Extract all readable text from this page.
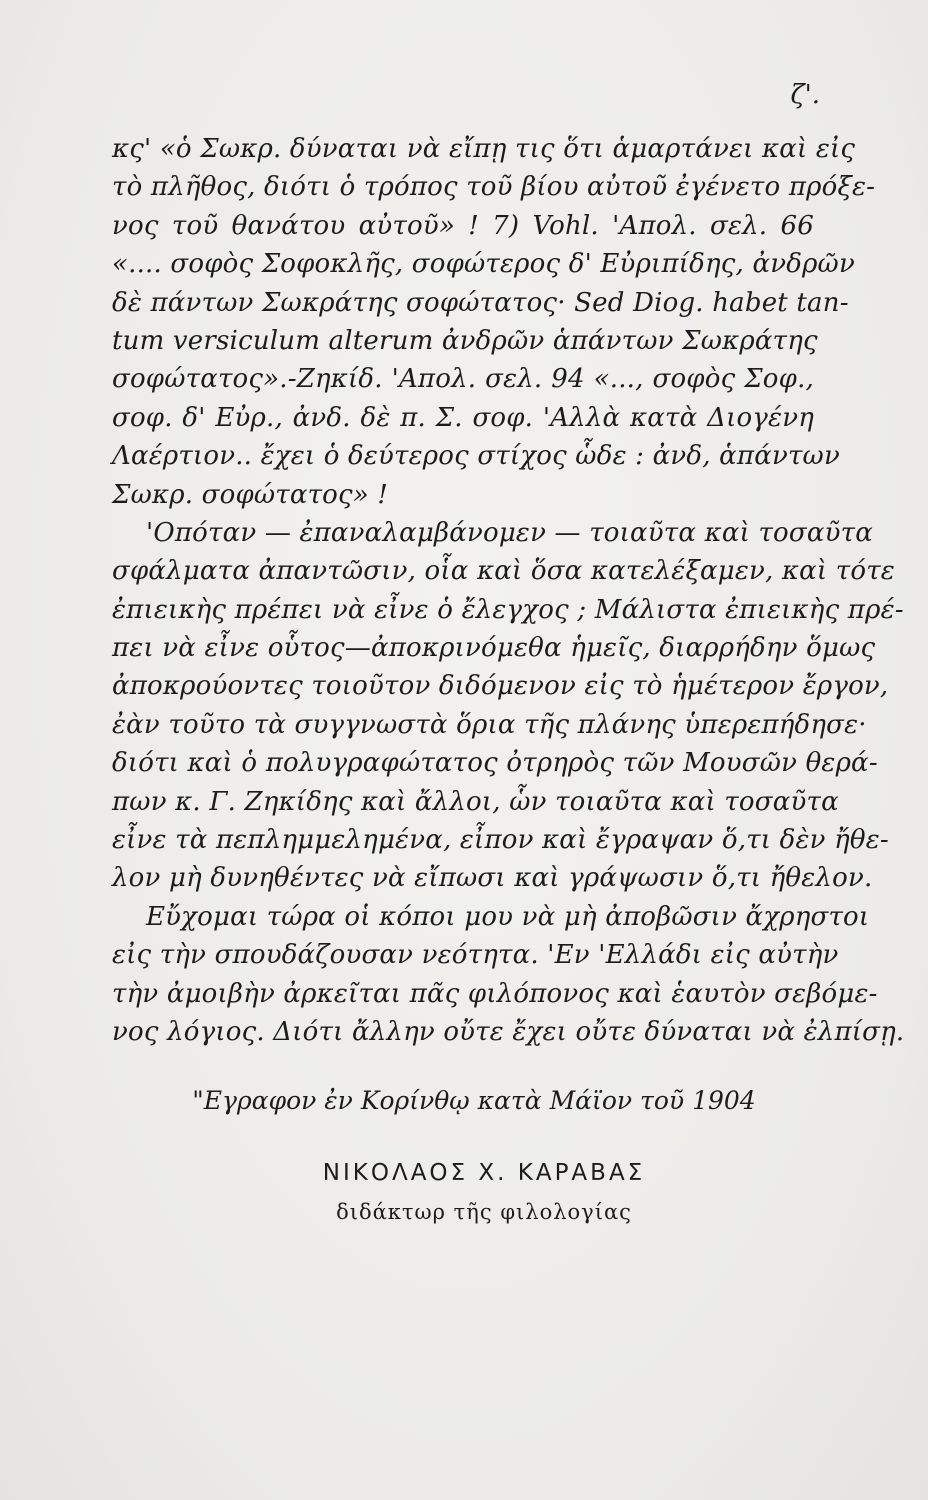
ζ'.
κς' «ὁ Σωκρ. δύναται νὰ εἴπῃ τις ὅτι ἁμαρτάνει καὶ εἰς
τὸ πλῆθος, διότι ὁ τρόπος τοῦ βίου αὐτοῦ ἐγένετο πρόξε-
νος τοῦ θανάτου αὐτοῦ» ! 7) Vohl. 'Απολ. σελ. 66
«.... σοφὸς Σοφοκλῆς, σοφώτερος δ' Εὐριπίδης, ἀνδρῶν
δὲ πάντων Σωκράτης σοφώτατος· Sed Diog. habet tan-
tum versiculum alterum ἀνδρῶν ἁπάντων Σωκράτης
σοφώτατος».-Ζηκίδ. 'Απολ. σελ. 94 «..., σοφὸς Σοφ.,
σοφ. δ' Εὐρ., ἀνδ. δὲ π. Σ. σοφ. 'Αλλὰ κατὰ Διογένη
Λαέρτιον.. ἔχει ὁ δεύτερος στίχος ὧδε : ἀνδ, ἁπάντων
Σωκρ. σοφώτατος» !
'Οπόταν — ἐπαναλαμβάνομεν — τοιαῦτα καὶ τοσαῦτα
σφάλματα ἀπαντῶσιν, οἷα καὶ ὅσα κατελέξαμεν, καὶ τότε
ἐπιεικὴς πρέπει νὰ εἶνε ὁ ἔλεγχος ; Μάλιστα ἐπιεικὴς πρέ-
πει νὰ εἶνε οὗτος—ἀποκρινόμεθα ἡμεῖς, διαρρήδην ὅμως
ἀποκρούοντες τοιοῦτον διδόμενον εἰς τὸ ἡμέτερον ἔργον,
ἐὰν τοῦτο τὰ συγγνωστὰ ὅρια τῆς πλάνης ὑπερεπήδησε·
διότι καὶ ὁ πολυγραφώτατος ὀτρηρὸς τῶν Μουσῶν θερά-
πων κ. Γ. Ζηκίδης καὶ ἄλλοι, ὧν τοιαῦτα καὶ τοσαῦτα
εἶνε τὰ πεπλημμελημένα, εἶπον καὶ ἔγραψαν ὅ,τι δὲν ἤθε-
λον μὴ δυνηθέντες νὰ εἴπωσι καὶ γράψωσιν ὅ,τι ἤθελον.
Εὔχομαι τώρα οἱ κόποι μου νὰ μὴ ἀποβῶσιν ἄχρηστοι
εἰς τὴν σπουδάζουσαν νεότητα. 'Εν 'Ελλάδι εἰς αὐτὴν
τὴν ἀμοιβὴν ἀρκεῖται πᾶς φιλόπονος καὶ ἑαυτὸν σεβόμε-
νος λόγιος. Διότι ἄλλην οὔτε ἔχει οὔτε δύναται νὰ ἐλπίσῃ.
"Εγραφον ἐν Κορίνθῳ κατὰ Μάϊον τοῦ 1904
ΝΙΚΟΛΑΟΣ Χ. ΚΑΡΑΒΑΣ
διδάκτωρ τῆς φιλολογίας
